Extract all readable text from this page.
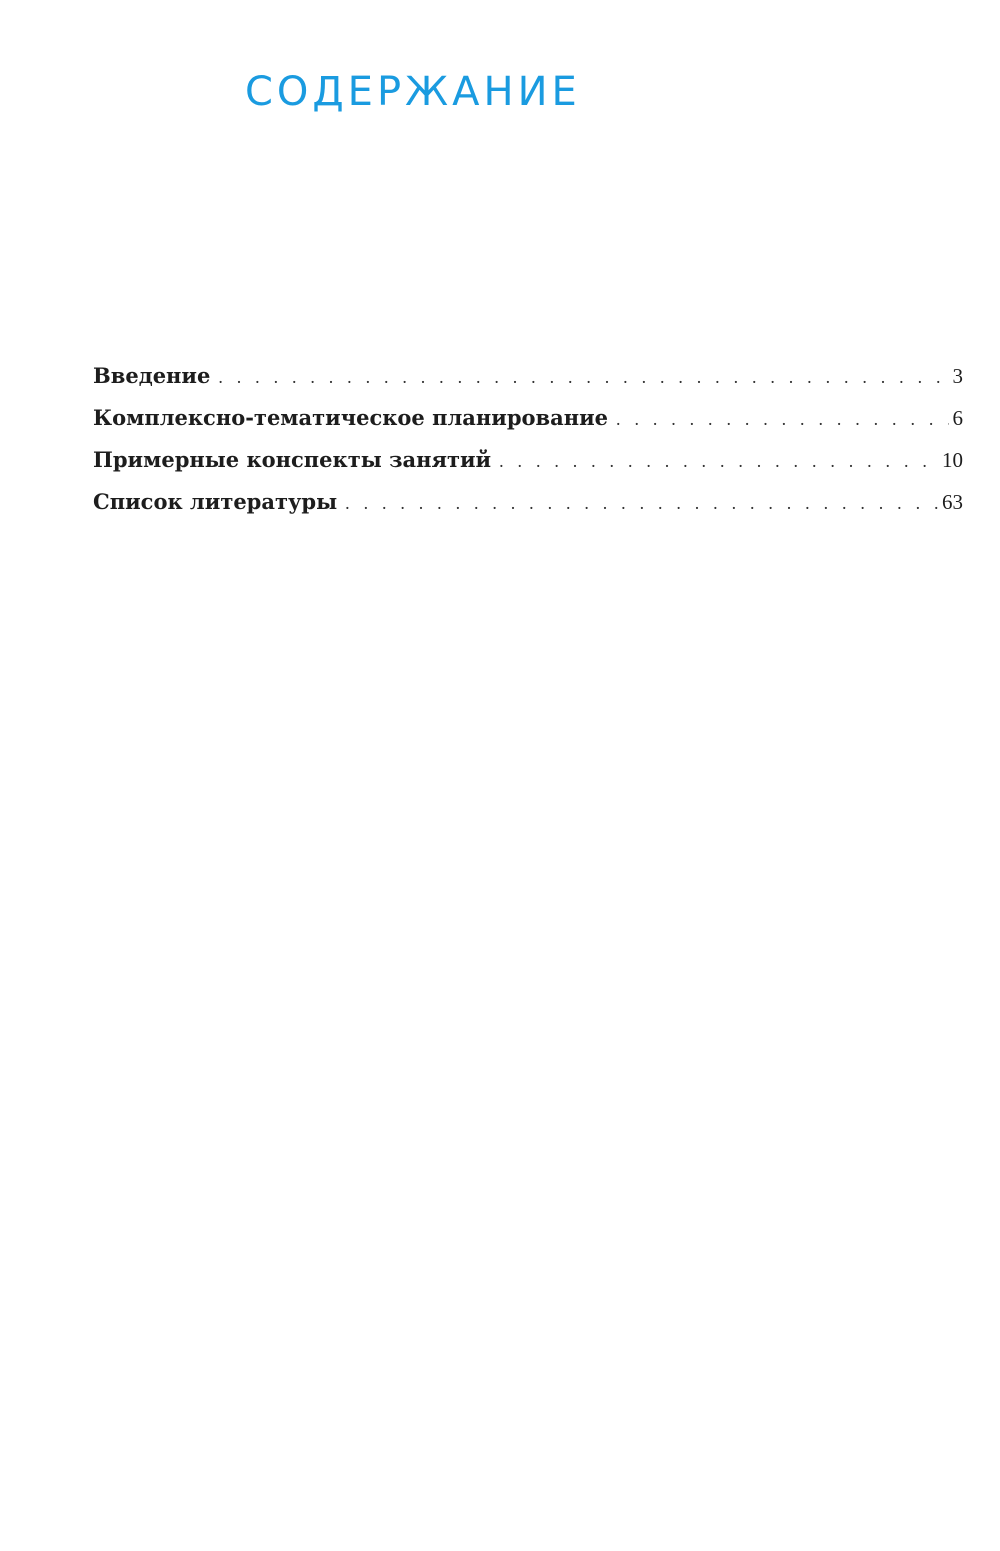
СОДЕРЖАНИЕ
Введение . . .	3
Комплексно-тематическое планирование . . .	6
Примерные конспекты занятий . . .	10
Список литературы . . .	63
